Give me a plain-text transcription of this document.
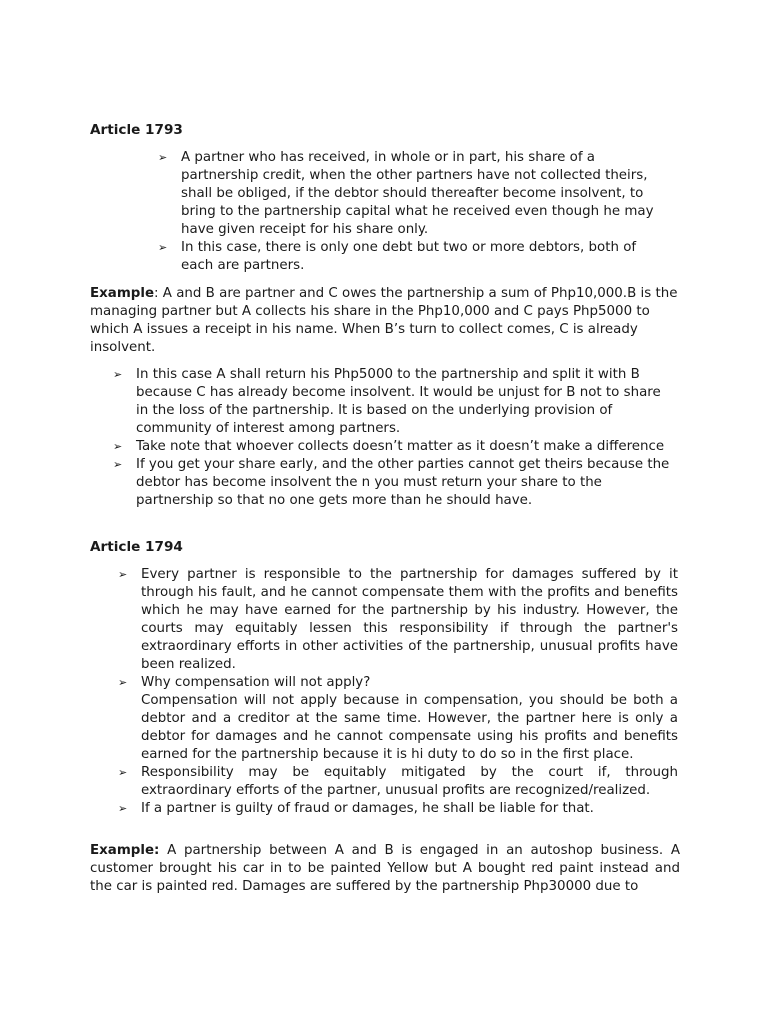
Article 1793
➢ A partner who has received, in whole or in part, his share of a partnership credit, when the other partners have not collected theirs, shall be obliged, if the debtor should thereafter become insolvent, to bring to the partnership capital what he received even though he may have given receipt for his share only.
➢ In this case, there is only one debt but two or more debtors, both of each are partners.

Example: A and B are partner and C owes the partnership a sum of Php10,000.B is the managing partner but A collects his share in the Php10,000 and C pays Php5000 to which A issues a receipt in his name. When B’s turn to collect comes, C is already insolvent.

➢ In this case A shall return his Php5000 to the partnership and split it with B because C has already become insolvent. It would be unjust for B not to share in the loss of the partnership. It is based on the underlying provision of community of interest among partners.
➢ Take note that whoever collects doesn’t matter as it doesn’t make a difference
➢ If you get your share early, and the other parties cannot get theirs because the debtor has become insolvent the n you must return your share to the partnership so that no one gets more than he should have.
Article 1794
➢ Every partner is responsible to the partnership for damages suffered by it through his fault, and he cannot compensate them with the profits and benefits which he may have earned for the partnership by his industry. However, the courts may equitably lessen this responsibility if through the partner's extraordinary efforts in other activities of the partnership, unusual profits have been realized.
➢ Why compensation will not apply?
Compensation will not apply because in compensation, you should be both a debtor and a creditor at the same time. However, the partner here is only a debtor for damages and he cannot compensate using his profits and benefits earned for the partnership because it is hi duty to do so in the first place.
➢ Responsibility may be equitably mitigated by the court if, through extraordinary efforts of the partner, unusual profits are recognized/realized.
➢ If a partner is guilty of fraud or damages, he shall be liable for that.

Example: A partnership between A and B is engaged in an autoshop business. A customer brought his car in to be painted Yellow but A bought red paint instead and the car is painted red. Damages are suffered by the partnership Php30000 due to
